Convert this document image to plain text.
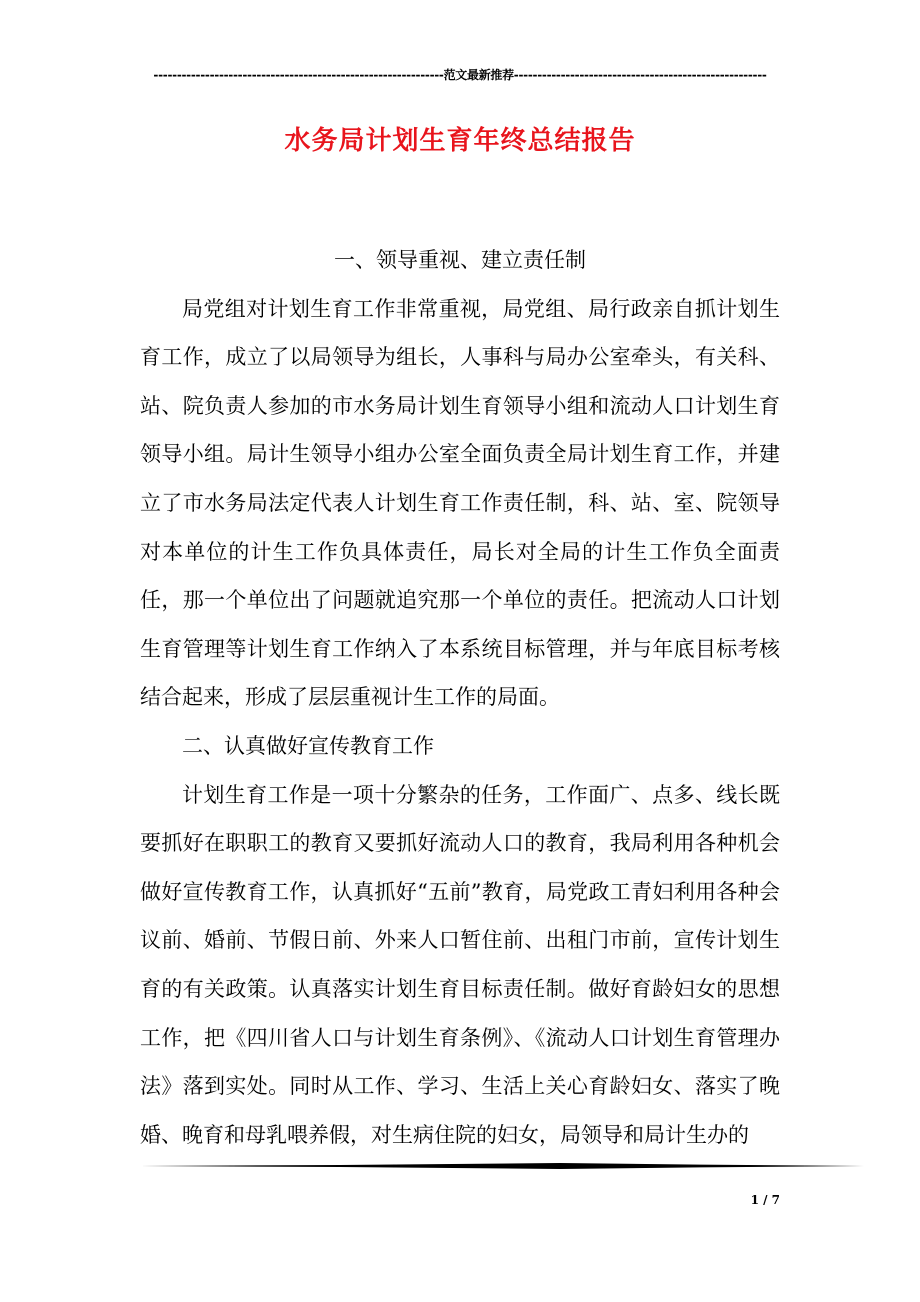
--------------------------------------------------------------范文最新推荐------------------------------------------------------
水务局计划生育年终总结报告

一、领导重视、建立责任制

局党组对计划生育工作非常重视，局党组、局行政亲自抓计划生育工作，成立了以局领导为组长，人事科与局办公室牵头，有关科、站、院负责人参加的市水务局计划生育领导小组和流动人口计划生育领导小组。局计生领导小组办公室全面负责全局计划生育工作，并建立了市水务局法定代表人计划生育工作责任制，科、站、室、院领导对本单位的计生工作负具体责任，局长对全局的计生工作负全面责任，那一个单位出了问题就追究那一个单位的责任。把流动人口计划生育管理等计划生育工作纳入了本系统目标管理，并与年底目标考核结合起来，形成了层层重视计生工作的局面。

二、认真做好宣传教育工作

计划生育工作是一项十分繁杂的任务，工作面广、点多、线长既要抓好在职职工的教育又要抓好流动人口的教育，我局利用各种机会做好宣传教育工作，认真抓好“五前”教育，局党政工青妇利用各种会议前、婚前、节假日前、外来人口暂住前、出租门市前，宣传计划生育的有关政策。认真落实计划生育目标责任制。做好育龄妇女的思想工作，把《四川省人口与计划生育条例》、《流动人口计划生育管理办法》落到实处。同时从工作、学习、生活上关心育龄妇女、落实了晚婚、晚育和母乳喂养假，对生病住院的妇女，局领导和局计生办的

1 / 7
